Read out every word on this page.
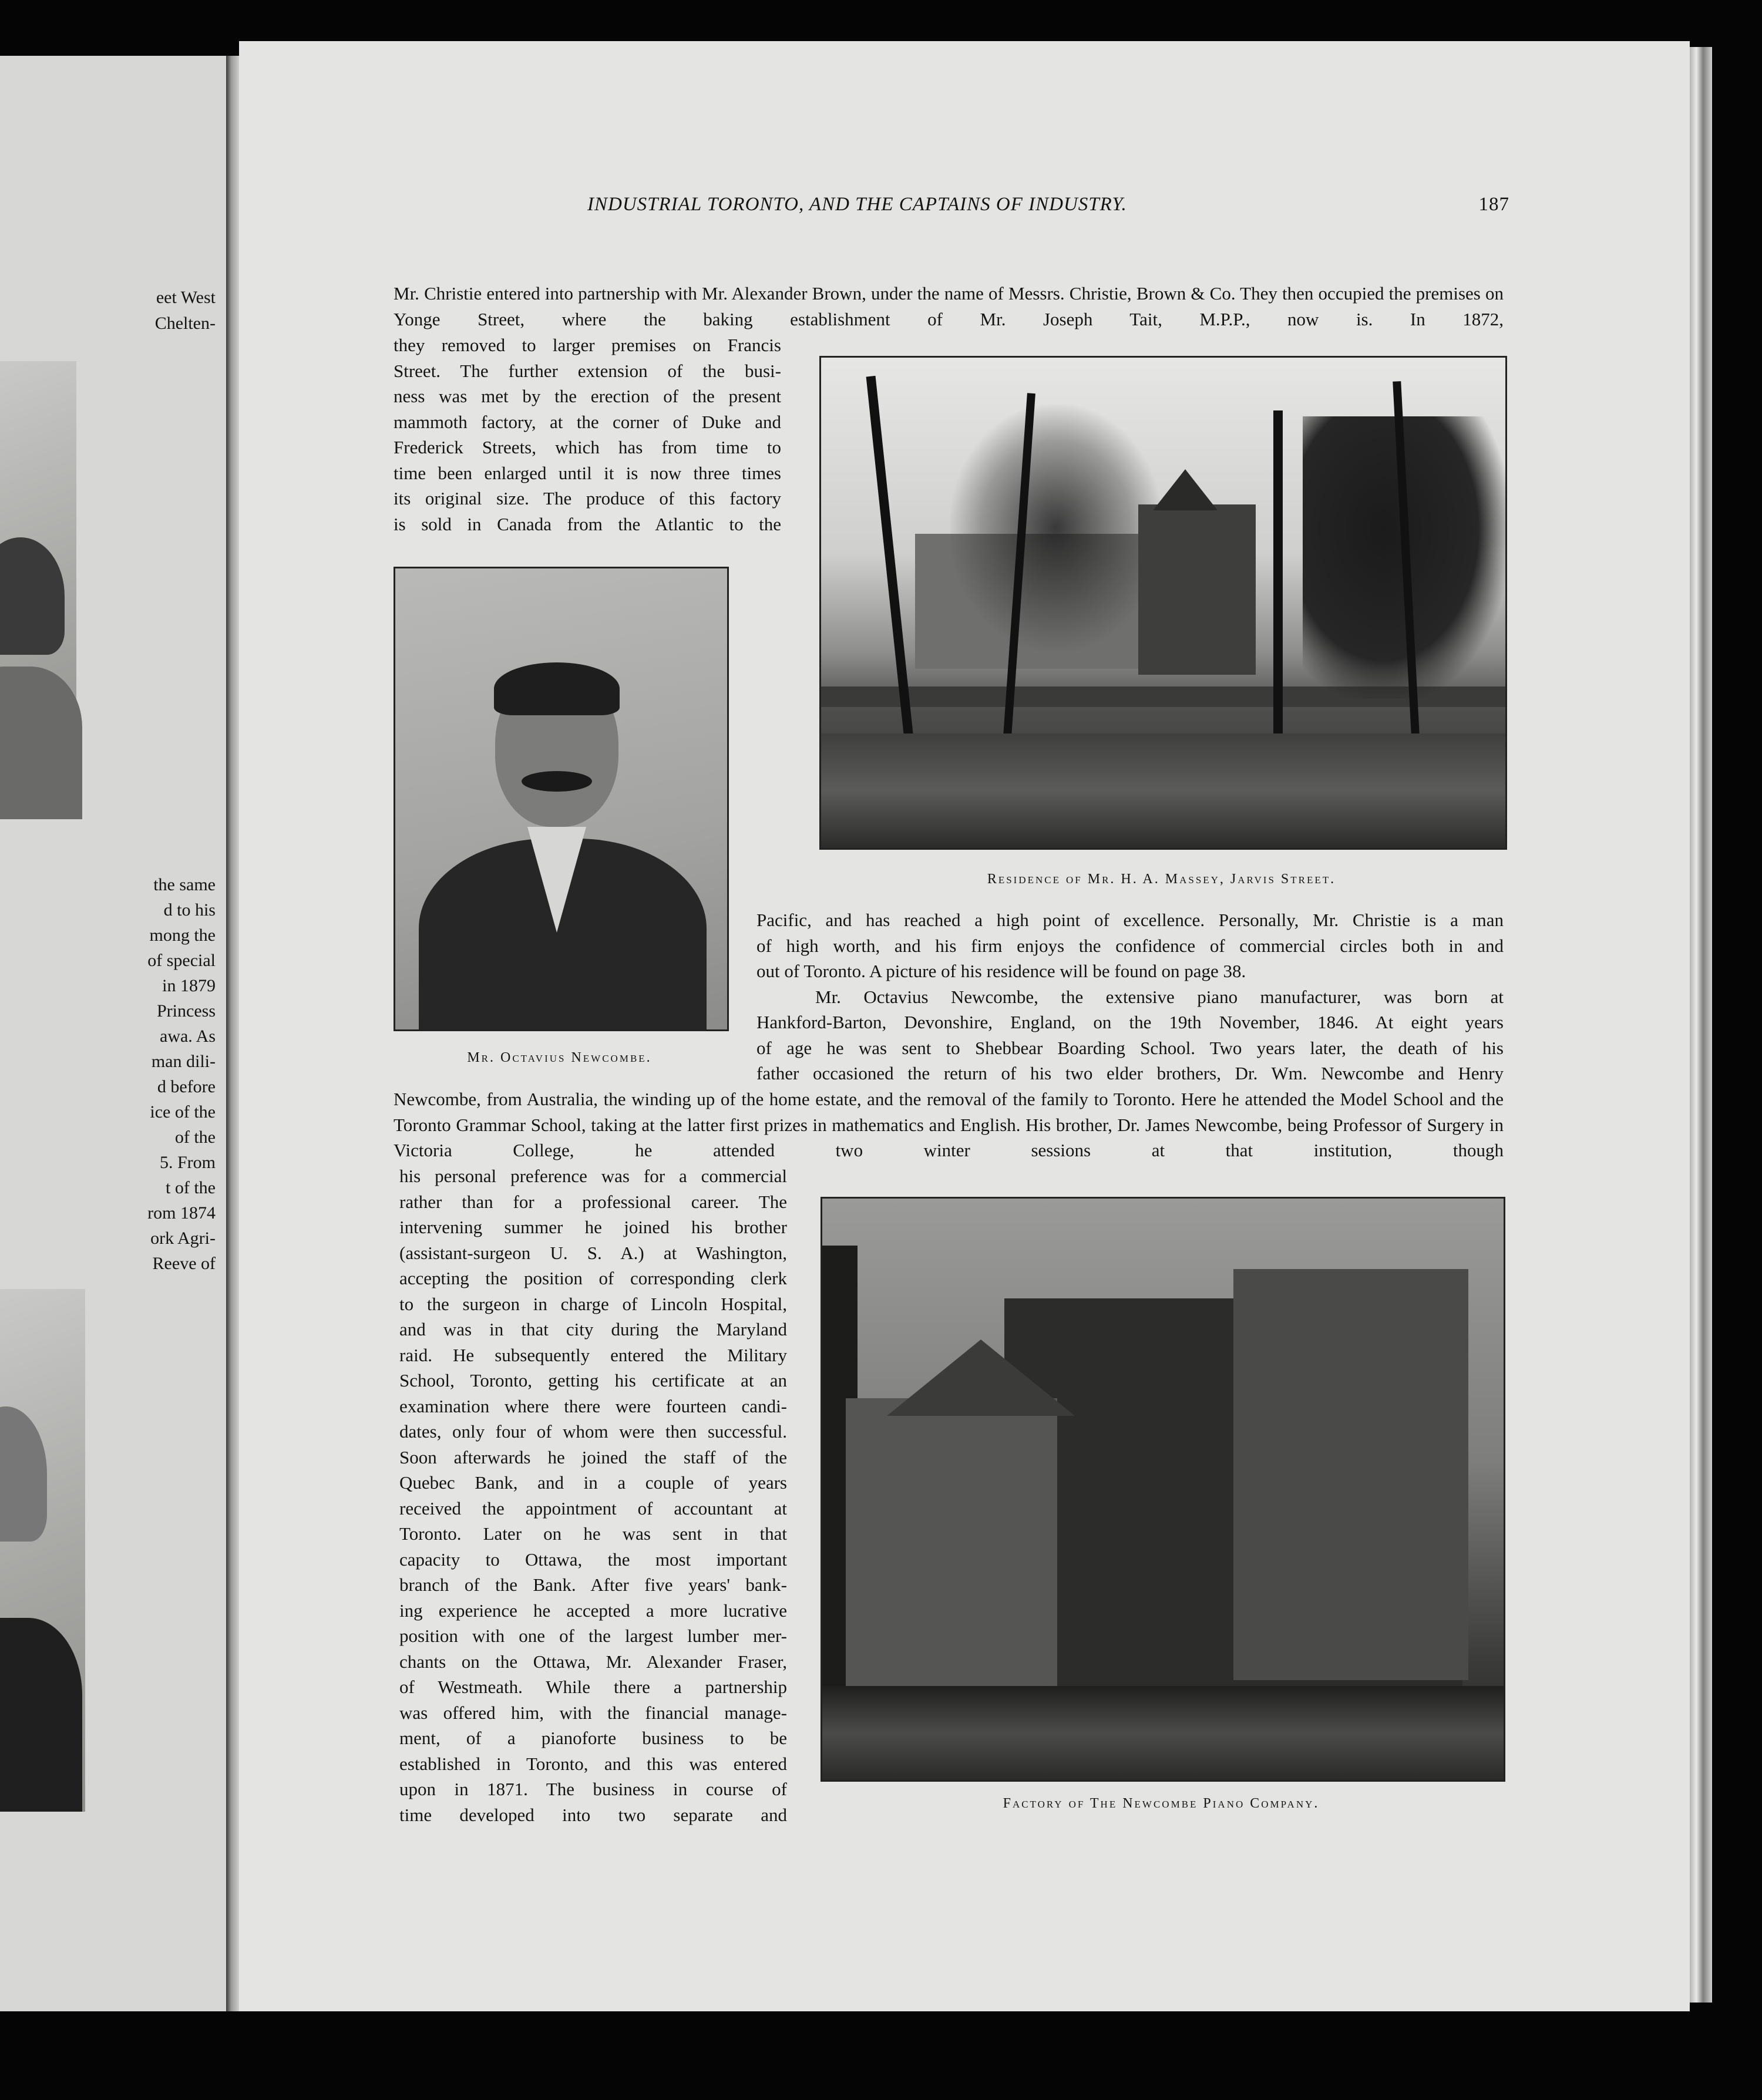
eet West
Chelten-
the same
d to his
mong the
of special
in 1879
Princess
awa. As
man dili-
d before
ice of the
of the
5. From
t of the
rom 1874
ork Agri-
Reeve of
INDUSTRIAL TORONTO, AND THE CAPTAINS OF INDUSTRY.	187

Mr. Christie entered into partnership with Mr. Alexander Brown, under the name of Messrs. Christie, Brown & Co. They then occupied the premises on Yonge Street, where the baking establishment of Mr. Joseph Tait, M.P.P., now is. In 1872,

they removed to larger premises on Francis

Street. The further extension of the busi-

ness was met by the erection of the present

mammoth factory, at the corner of Duke and

Frederick Streets, which has from time to

time been enlarged until it is now three times

its original size. The produce of this factory

is sold in Canada from the Atlantic to the

Residence of Mr. H. A. Massey, Jarvis Street.
Mr. Octavius Newcombe.

Pacific, and has reached a high point of excellence. Personally, Mr. Christie is a man

of high worth, and his firm enjoys the confidence of commercial circles both in and

out of Toronto. A picture of his residence will be found on page 38.

Mr. Octavius Newcombe, the extensive piano manufacturer, was born at

Hankford-Barton, Devonshire, England, on the 19th November, 1846. At eight years

of age he was sent to Shebbear Boarding School. Two years later, the death of his

father occasioned the return of his two elder brothers, Dr. Wm. Newcombe and Henry

Newcombe, from Australia, the winding up of the home estate, and the removal of the family to Toronto. Here he attended the Model School and the Toronto Grammar School, taking at the latter first prizes in mathematics and English. His brother, Dr. James Newcombe, being Professor of Surgery in Victoria College, he attended two winter sessions at that institution, though

his personal preference was for a commercial

rather than for a professional career. The

intervening summer he joined his brother

(assistant-surgeon U. S. A.) at Washington,

accepting the position of corresponding clerk

to the surgeon in charge of Lincoln Hospital,

and was in that city during the Maryland

raid. He subsequently entered the Military

School, Toronto, getting his certificate at an

examination where there were fourteen candi-

dates, only four of whom were then successful.

Soon afterwards he joined the staff of the

Quebec Bank, and in a couple of years

received the appointment of accountant at

Toronto. Later on he was sent in that

capacity to Ottawa, the most important

branch of the Bank. After five years' bank-

ing experience he accepted a more lucrative

position with one of the largest lumber mer-

chants on the Ottawa, Mr. Alexander Fraser,

of Westmeath. While there a partnership

was offered him, with the financial manage-

ment, of a pianoforte business to be

established in Toronto, and this was entered

upon in 1871. The business in course of

time developed into two separate and

Factory of The Newcombe Piano Company.
